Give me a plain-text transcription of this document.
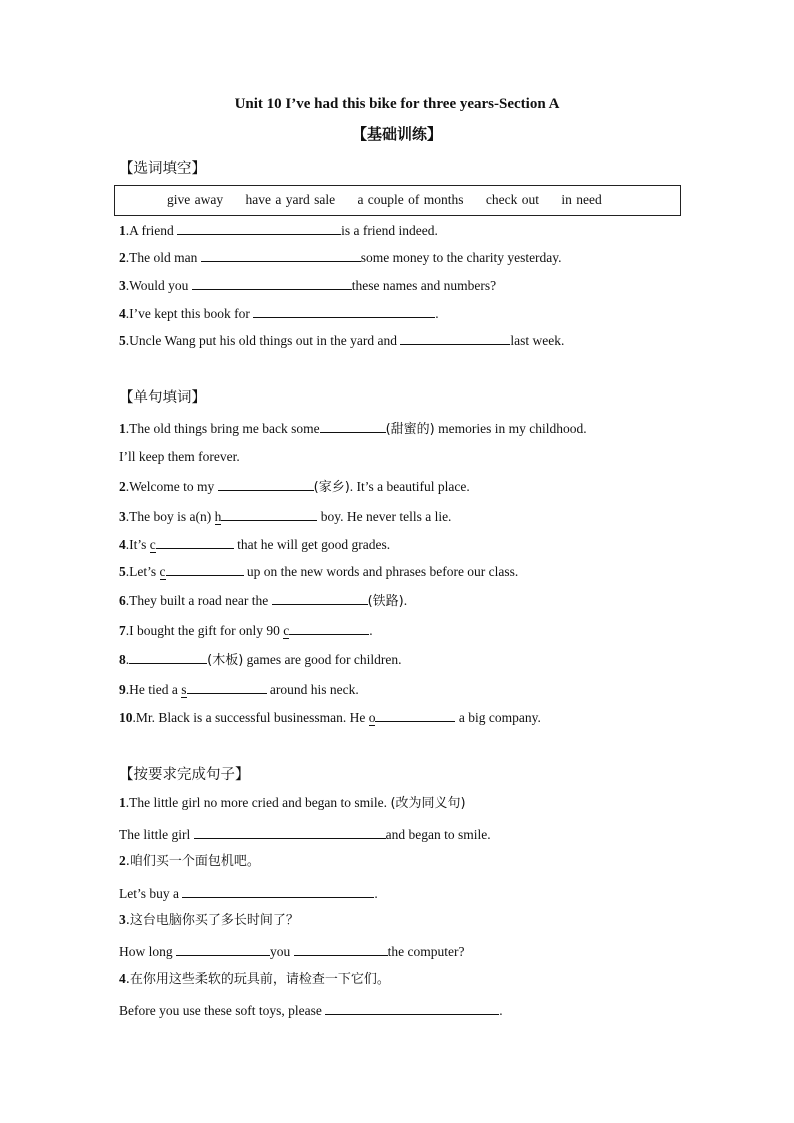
Unit 10 I’ve had this bike for three years-Section A
【基础训练】
【选词填空】
give away have a yard sale a couple of months check out in need
1.A friend	is a friend indeed.
2.The old man	some money to the charity yesterday.
3.Would you	these names and numbers?
4.I’ve kept this book for	.
5.Uncle Wang put his old things out in the yard and	last week.
【单句填词】
1.The old things bring me back some	(甜蜜的) memories in my childhood.
I’ll keep them forever.
2.Welcome to my	(家乡). It’s a beautiful place.
3.The boy is a(n) h	boy. He never tells a lie.
4.It’s c	that he will get good grades.
5.Let’s c	up on the new words and phrases before our class.
6.They built a road near the	(铁路).
7.I bought the gift for only 90 c	.
8.	(木板) games are good for children.
9.He tied a s	around his neck.
10.Mr. Black is a successful businessman. He o	a big company.
【按要求完成句子】
1.The little girl no more cried and began to smile. (改为同义句)
The little girl	and began to smile.
2.咱们买一个面包机吧。
Let’s buy a	.
3.这台电脑你买了多长时间了？
How long	you	the computer?
4.在你用这些柔软的玩具前，请检查一下它们。
Before you use these soft toys, please	.
